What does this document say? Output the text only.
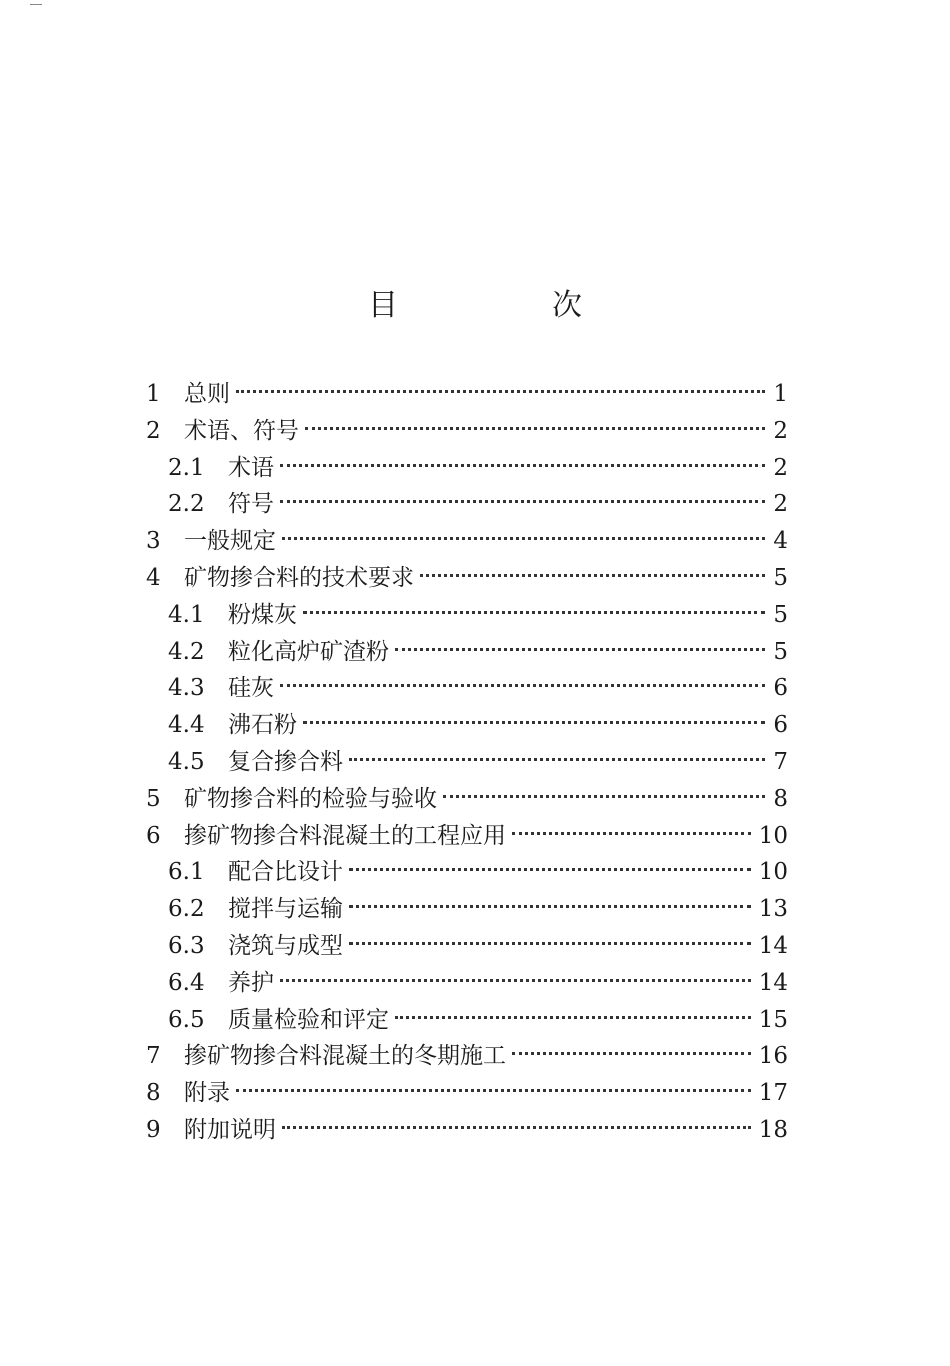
目　次
1	总则	1
2	术语、符号	2
2.1	术语	2
2.2	符号	2
3	一般规定	4
4	矿物掺合料的技术要求	5
4.1	粉煤灰	5
4.2	粒化高炉矿渣粉	5
4.3	硅灰	6
4.4	沸石粉	6
4.5	复合掺合料	7
5	矿物掺合料的检验与验收	8
6	掺矿物掺合料混凝土的工程应用	10
6.1	配合比设计	10
6.2	搅拌与运输	13
6.3	浇筑与成型	14
6.4	养护	14
6.5	质量检验和评定	15
7	掺矿物掺合料混凝土的冬期施工	16
8	附录	17
9	附加说明	18
